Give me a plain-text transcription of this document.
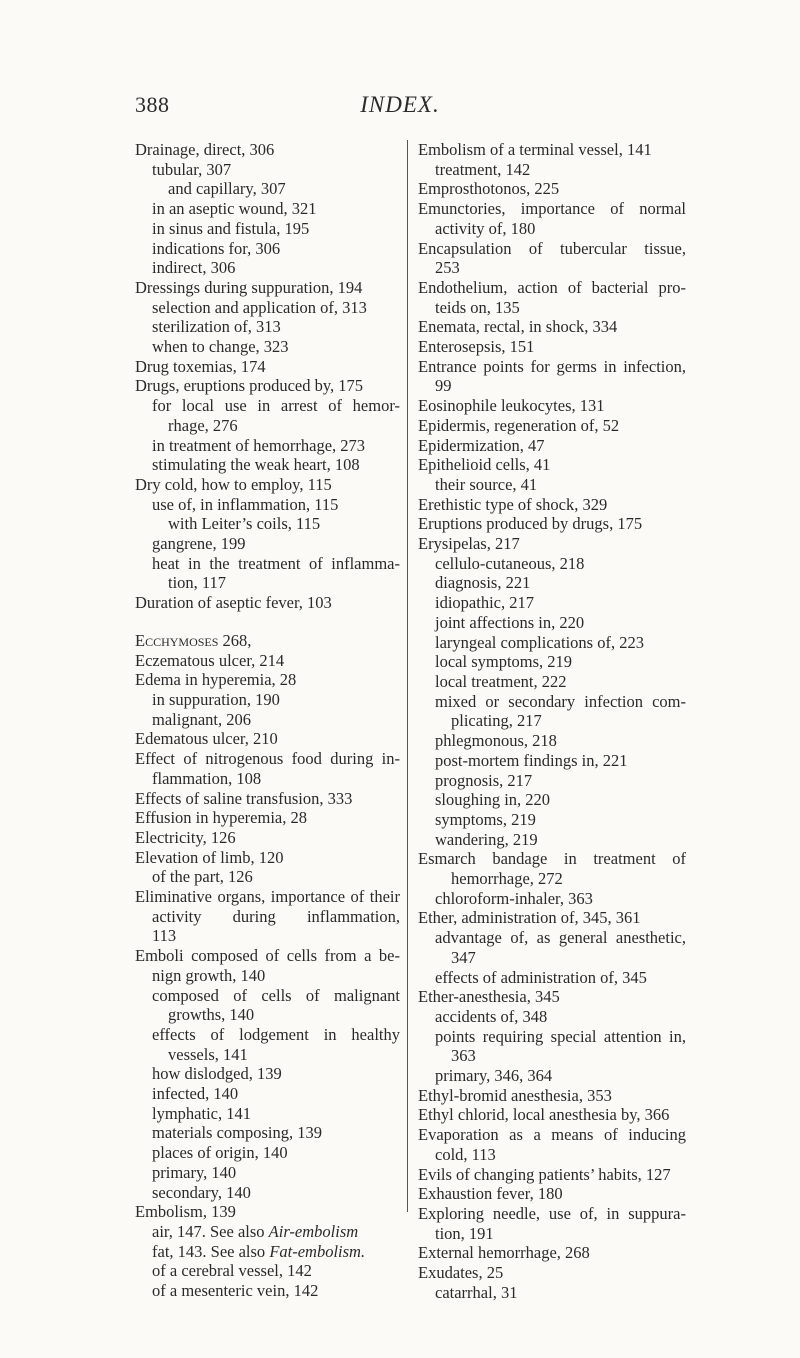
388	INDEX.
Drainage, direct, 306
tubular, 307
and capillary, 307
in an aseptic wound, 321
in sinus and fistula, 195
indications for, 306
indirect, 306
Dressings during suppuration, 194
selection and application of, 313
sterilization of, 313
when to change, 323
Drug toxemias, 174
Drugs, eruptions produced by, 175
for local use in arrest of hemor-
rhage, 276
in treatment of hemorrhage, 273
stimulating the weak heart, 108
Dry cold, how to employ, 115
use of, in inflammation, 115
with Leiter’s coils, 115
gangrene, 199
heat in the treatment of inflamma-
tion, 117
Duration of aseptic fever, 103
Ecchymoses 268,
Eczematous ulcer, 214
Edema in hyperemia, 28
in suppuration, 190
malignant, 206
Edematous ulcer, 210
Effect of nitrogenous food during in-
flammation, 108
Effects of saline transfusion, 333
Effusion in hyperemia, 28
Electricity, 126
Elevation of limb, 120
of the part, 126
Eliminative organs, importance of their
activity during inflammation,
113
Emboli composed of cells from a be-
nign growth, 140
composed of cells of malignant
growths, 140
effects of lodgement in healthy
vessels, 141
how dislodged, 139
infected, 140
lymphatic, 141
materials composing, 139
places of origin, 140
primary, 140
secondary, 140
Embolism, 139
air, 147. See also Air-embolism
fat, 143. See also Fat-embolism.
of a cerebral vessel, 142
of a mesenteric vein, 142
Embolism of a terminal vessel, 141
treatment, 142
Emprosthotonos, 225
Emunctories, importance of normal
activity of, 180
Encapsulation of tubercular tissue,
253
Endothelium, action of bacterial pro-
teids on, 135
Enemata, rectal, in shock, 334
Enterosepsis, 151
Entrance points for germs in infection,
99
Eosinophile leukocytes, 131
Epidermis, regeneration of, 52
Epidermization, 47
Epithelioid cells, 41
their source, 41
Erethistic type of shock, 329
Eruptions produced by drugs, 175
Erysipelas, 217
cellulo-cutaneous, 218
diagnosis, 221
idiopathic, 217
joint affections in, 220
laryngeal complications of, 223
local symptoms, 219
local treatment, 222
mixed or secondary infection com-
plicating, 217
phlegmonous, 218
post-mortem findings in, 221
prognosis, 217
sloughing in, 220
symptoms, 219
wandering, 219
Esmarch bandage in treatment of
hemorrhage, 272
chloroform-inhaler, 363
Ether, administration of, 345, 361
advantage of, as general anesthetic,
347
effects of administration of, 345
Ether-anesthesia, 345
accidents of, 348
points requiring special attention in,
363
primary, 346, 364
Ethyl-bromid anesthesia, 353
Ethyl chlorid, local anesthesia by, 366
Evaporation as a means of inducing
cold, 113
Evils of changing patients’ habits, 127
Exhaustion fever, 180
Exploring needle, use of, in suppura-
tion, 191
External hemorrhage, 268
Exudates, 25
catarrhal, 31
